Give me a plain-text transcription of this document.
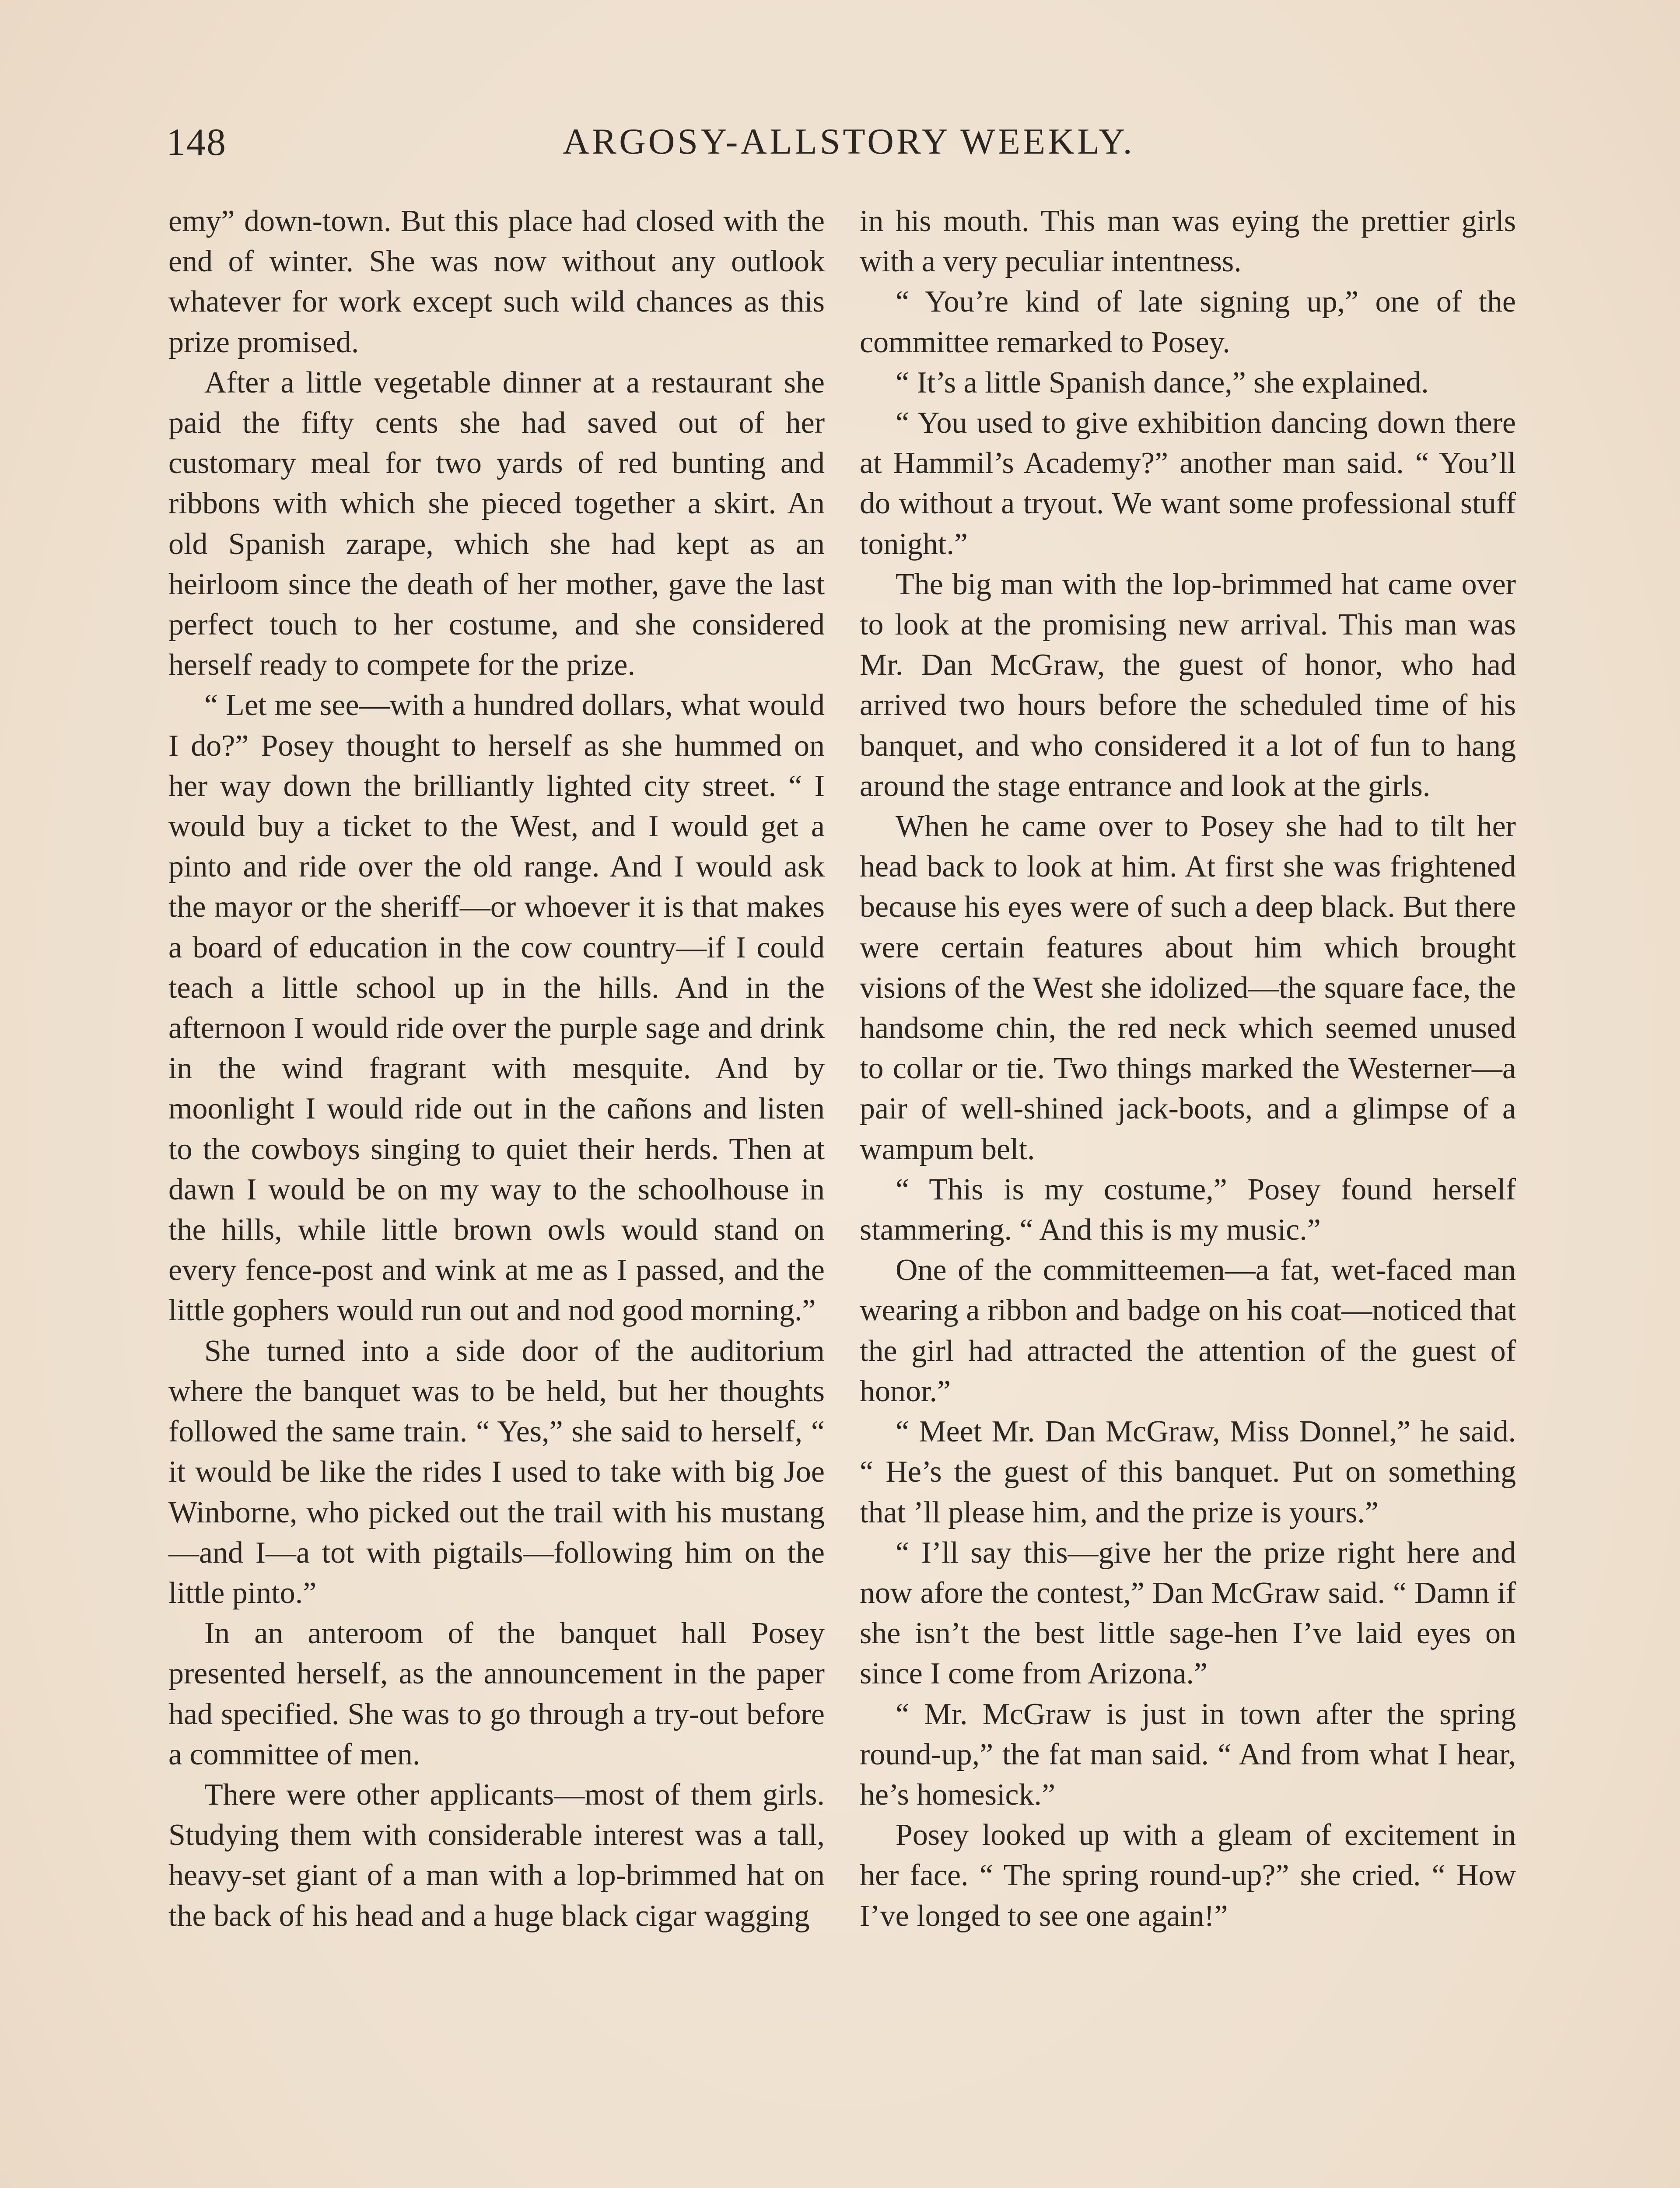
148	ARGOSY-ALLSTORY WEEKLY.

emy” down-town. But this place had closed with the end of winter. She was now without any outlook whatever for work except such wild chances as this prize promised.

After a little vegetable dinner at a restaurant she paid the fifty cents she had saved out of her customary meal for two yards of red bunting and ribbons with which she pieced together a skirt. An old Spanish zarape, which she had kept as an heirloom since the death of her mother, gave the last perfect touch to her costume, and she considered herself ready to compete for the prize.

“ Let me see—with a hundred dollars, what would I do?” Posey thought to herself as she hummed on her way down the brilliantly lighted city street. “ I would buy a ticket to the West, and I would get a pinto and ride over the old range. And I would ask the mayor or the sheriff—or whoever it is that makes a board of education in the cow country—if I could teach a little school up in the hills. And in the afternoon I would ride over the purple sage and drink in the wind fragrant with mesquite. And by moonlight I would ride out in the cañons and listen to the cowboys singing to quiet their herds. Then at dawn I would be on my way to the schoolhouse in the hills, while little brown owls would stand on every fence-post and wink at me as I passed, and the little gophers would run out and nod good morning.”

She turned into a side door of the auditorium where the banquet was to be held, but her thoughts followed the same train. “ Yes,” she said to herself, “ it would be like the rides I used to take with big Joe Winborne, who picked out the trail with his mustang—and I—a tot with pigtails—following him on the little pinto.”

In an anteroom of the banquet hall Posey presented herself, as the announcement in the paper had specified. She was to go through a try-out before a committee of men.

There were other applicants—most of them girls. Studying them with considerable interest was a tall, heavy-set giant of a man with a lop-brimmed hat on the back of his head and a huge black cigar wagging

in his mouth. This man was eying the prettier girls with a very peculiar intentness.

“ You’re kind of late signing up,” one of the committee remarked to Posey.

“ It’s a little Spanish dance,” she explained.

“ You used to give exhibition dancing down there at Hammil’s Academy?” another man said. “ You’ll do without a tryout. We want some professional stuff tonight.”

The big man with the lop-brimmed hat came over to look at the promising new arrival. This man was Mr. Dan McGraw, the guest of honor, who had arrived two hours before the scheduled time of his banquet, and who considered it a lot of fun to hang around the stage entrance and look at the girls.

When he came over to Posey she had to tilt her head back to look at him. At first she was frightened because his eyes were of such a deep black. But there were certain features about him which brought visions of the West she idolized—the square face, the handsome chin, the red neck which seemed unused to collar or tie. Two things marked the Westerner—a pair of well-shined jack-boots, and a glimpse of a wampum belt.

“ This is my costume,” Posey found herself stammering. “ And this is my music.”

One of the committeemen—a fat, wet-faced man wearing a ribbon and badge on his coat—noticed that the girl had attracted the attention of the guest of honor.”

“ Meet Mr. Dan McGraw, Miss Donnel,” he said. “ He’s the guest of this banquet. Put on something that ’ll please him, and the prize is yours.”

“ I’ll say this—give her the prize right here and now afore the contest,” Dan McGraw said. “ Damn if she isn’t the best little sage-hen I’ve laid eyes on since I come from Arizona.”

“ Mr. McGraw is just in town after the spring round-up,” the fat man said. “ And from what I hear, he’s homesick.”

Posey looked up with a gleam of excitement in her face. “ The spring round-up?” she cried. “ How I’ve longed to see one again!”
